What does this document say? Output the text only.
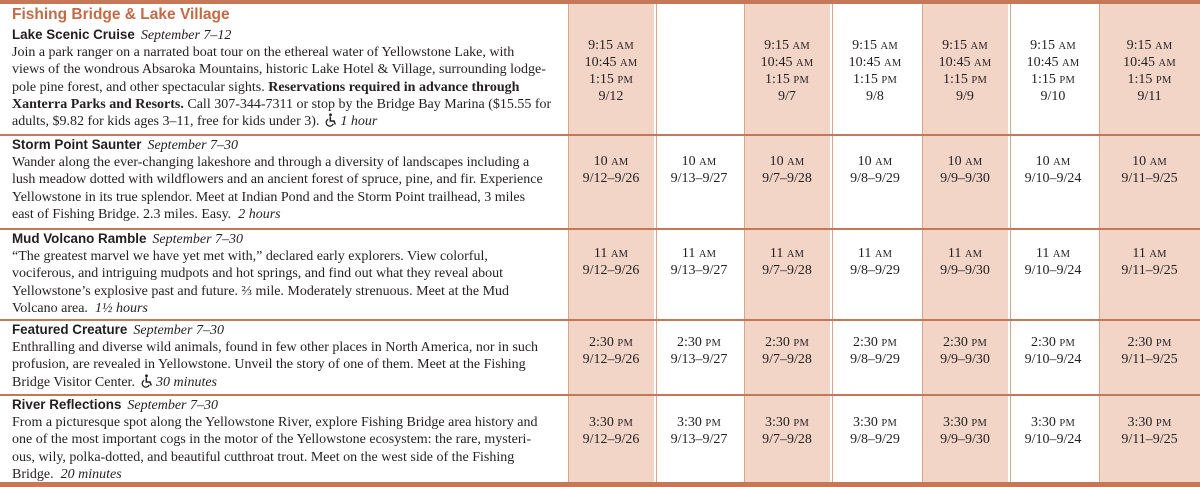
Fishing Bridge & Lake Village
Lake Scenic Cruise September 7–12
Join a park ranger on a narrated boat tour on the ethereal water of Yellowstone Lake, with
views of the wondrous Absaroka Mountains, historic Lake Hotel & Village, surrounding lodge-
pole pine forest, and other spectacular sights. Reservations required in advance through
Xanterra Parks and Resorts. Call 307-344-7311 or stop by the Bridge Bay Marina ($15.55 for
adults, $9.82 for kids ages 3–11, free for kids under 3). 1 hour
Storm Point Saunter September 7–30
Wander along the ever-changing lakeshore and through a diversity of landscapes including a
lush meadow dotted with wildflowers and an ancient forest of spruce, pine, and fir. Experience
Yellowstone in its true splendor. Meet at Indian Pond and the Storm Point trailhead, 3 miles
east of Fishing Bridge. 2.3 miles. Easy. 2 hours
Mud Volcano Ramble September 7–30
“The greatest marvel we have yet met with,” declared early explorers. View colorful,
vociferous, and intriguing mudpots and hot springs, and find out what they reveal about
Yellowstone’s explosive past and future. ⅔ mile. Moderately strenuous. Meet at the Mud
Volcano area. 1½ hours
Featured Creature September 7–30
Enthralling and diverse wild animals, found in few other places in North America, nor in such
profusion, are revealed in Yellowstone. Unveil the story of one of them. Meet at the Fishing
Bridge Visitor Center. 30 minutes
River Reflections September 7–30
From a picturesque spot along the Yellowstone River, explore Fishing Bridge area history and
one of the most important cogs in the motor of the Yellowstone ecosystem: the rare, mysteri-
ous, wily, polka-dotted, and beautiful cutthroat trout. Meet on the west side of the Fishing
Bridge. 20 minutes
9:15 AM
10:45 AM
1:15 PM
9/12
9:15 AM
10:45 AM
1:15 PM
9/7
9:15 AM
10:45 AM
1:15 PM
9/8
9:15 AM
10:45 AM
1:15 PM
9/9
9:15 AM
10:45 AM
1:15 PM
9/10
9:15 AM
10:45 AM
1:15 PM
9/11
10 AM
9/12–9/26
10 AM
9/13–9/27
10 AM
9/7–9/28
10 AM
9/8–9/29
10 AM
9/9–9/30
10 AM
9/10–9/24
10 AM
9/11–9/25
11 AM
9/12–9/26
11 AM
9/13–9/27
11 AM
9/7–9/28
11 AM
9/8–9/29
11 AM
9/9–9/30
11 AM
9/10–9/24
11 AM
9/11–9/25
2:30 PM
9/12–9/26
2:30 PM
9/13–9/27
2:30 PM
9/7–9/28
2:30 PM
9/8–9/29
2:30 PM
9/9–9/30
2:30 PM
9/10–9/24
2:30 PM
9/11–9/25
3:30 PM
9/12–9/26
3:30 PM
9/13–9/27
3:30 PM
9/7–9/28
3:30 PM
9/8–9/29
3:30 PM
9/9–9/30
3:30 PM
9/10–9/24
3:30 PM
9/11–9/25
